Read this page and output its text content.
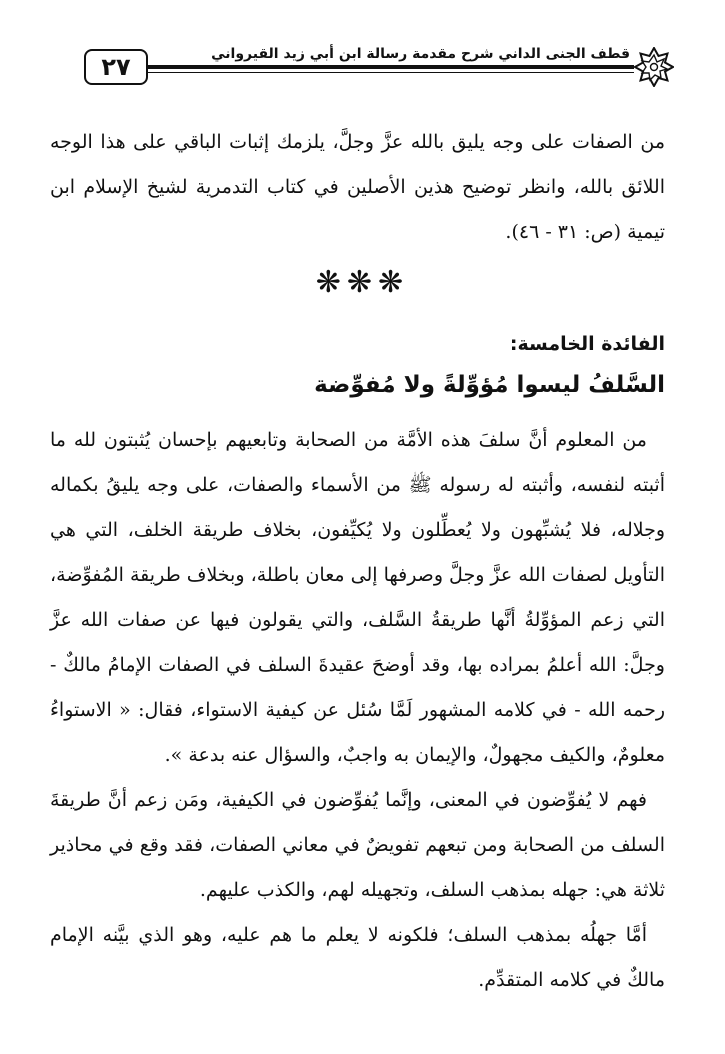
٢٧	قطف الجنى الداني شرح مقدمة رسالة ابن أبي زيد القيرواني

من الصفات على وجه يليق بالله عزَّ وجلَّ، يلزمك إثبات الباقي على هذا الوجه اللائق بالله، وانظر توضيح هذين الأصلين في كتاب التدمرية لشيخ الإسلام ابن تيمية (ص: ٣١ - ٤٦).

❋❋❋
الفائدة الخامسة:
السَّلفُ ليسوا مُؤوِّلةً ولا مُفوِّضة

من المعلوم أنَّ سلفَ هذه الأمَّة من الصحابة وتابعيهم بإحسان يُثبتون لله ما أثبته لنفسه، وأثبته له رسوله ﷺ من الأسماء والصفات، على وجه يليقُ بكماله وجلاله، فلا يُشبِّهون ولا يُعطِّلون ولا يُكيِّفون، بخلاف طريقة الخلف، التي هي التأويل لصفات الله عزَّ وجلَّ وصرفها إلى معان باطلة، وبخلاف طريقة المُفوِّضة، التي زعم المؤوِّلةُ أنَّها طريقةُ السَّلف، والتي يقولون فيها عن صفات الله عزَّ وجلَّ: الله أعلمُ بمراده بها، وقد أوضحَ عقيدةَ السلف في الصفات الإمامُ مالكٌ - رحمه الله - في كلامه المشهور لَمَّا سُئل عن كيفية الاستواء، فقال: « الاستواءُ معلومٌ، والكيف مجهولٌ، والإيمان به واجبٌ، والسؤال عنه بدعة ».

فهم لا يُفوِّضون في المعنى، وإنَّما يُفوِّضون في الكيفية، ومَن زعم أنَّ طريقةَ السلف من الصحابة ومن تبعهم تفويضٌ في معاني الصفات، فقد وقع في محاذير ثلاثة هي: جهله بمذهب السلف، وتجهيله لهم، والكذب عليهم.

أمَّا جهلُه بمذهب السلف؛ فلكونه لا يعلم ما هم عليه، وهو الذي بيَّنه الإمام مالكٌ في كلامه المتقدِّم.
